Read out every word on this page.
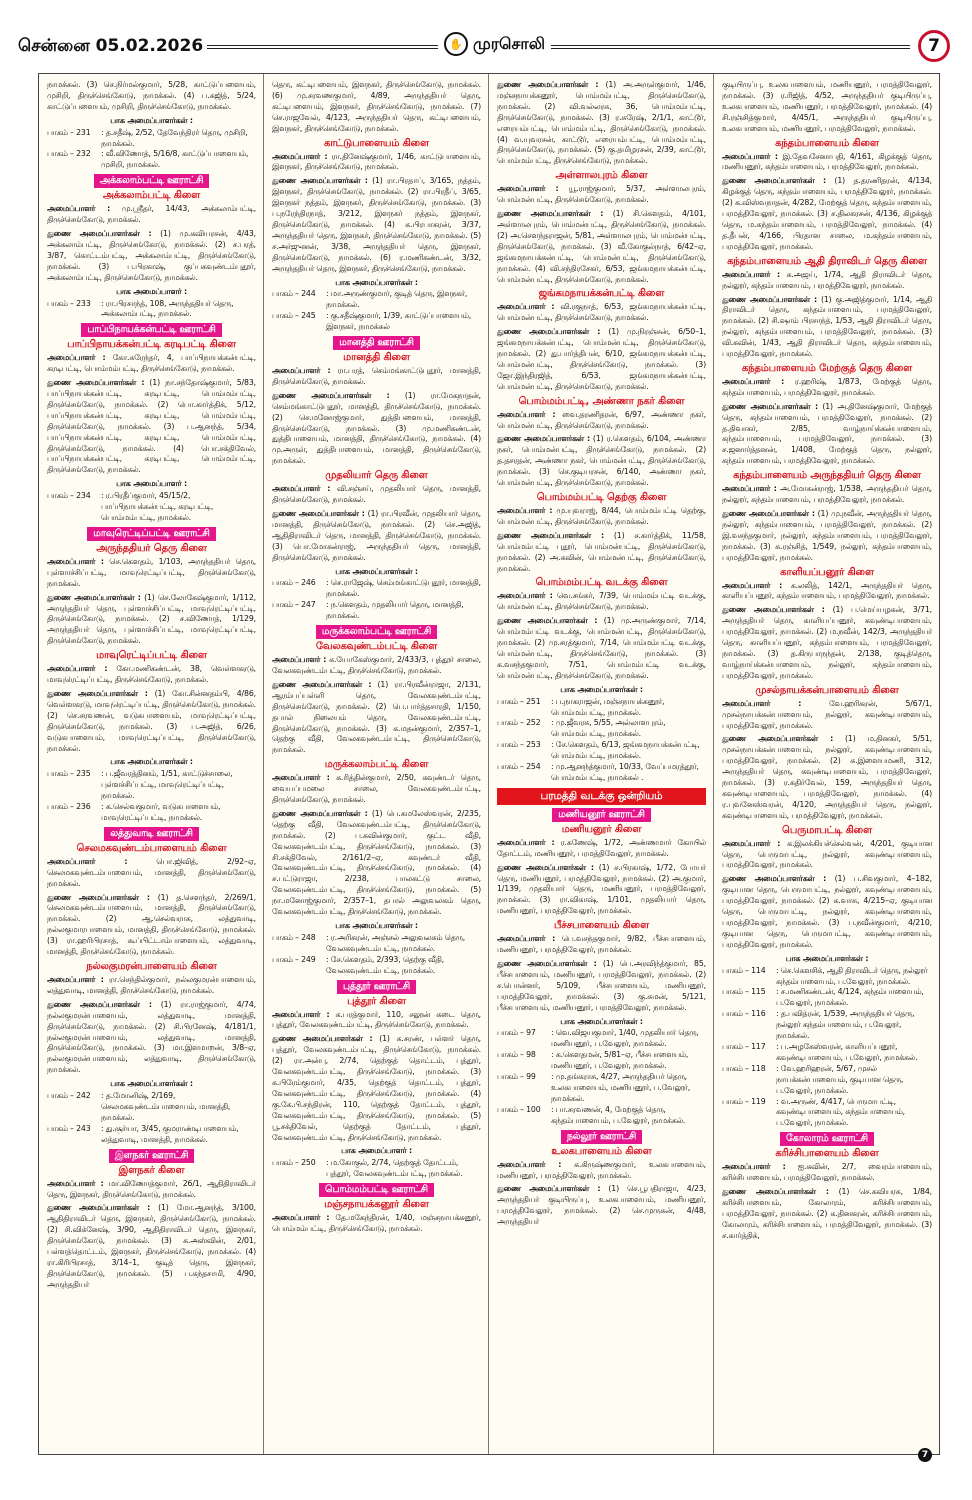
சென்னை 05.02.2026	✋ முரசொலி	7
நாமக்கல். (3) செ.நிர்மல்குமார், 5/28, காட்டுப்பளையம், முசிறி, திருச்செங்கோடு, நாமக்கல். (4) ப.கஜித், 5/24, காட்டுப்பளையம், முசிறி, திருச்செங்கோடு, நாமக்கல்.
பாக அமைப்பாளர்கள் :
பாகம் – 231	: த.சதீஷ், 2/52, தேவேந்திரர் தெரு, முசிறி, நாமக்கல்.
பாகம் – 232	: வீ.விணோத், 5/16/8, காட்டுப்பாளையம், முசிறி, நாமக்கல்.
அக்கலாம்பட்டி ஊராட்சி
அக்கலாம்பட்டி கிளை
அமைப்பாளர் : மு.ஸ்ரீதர், 14/43, அக்கலாம்பட்டி, திருச்செங்கோடு, நாமக்கல்.
துணை அமைப்பாளர்கள் : (1) மு.கவியரசன், 4/43, அக்கலாம்பட்டி, திருச்செங்கோடு, நாமக்கல். (2) ச.பரத், 3/87, கொட்டம்பட்டி, அக்கலாம்பட்டி, திருச்செங்கோடு, நாமக்கல். (3) ப.பிரகாஷ், குப்பகவுண்டம்புதூர், அக்கலாம்பட்டி, திருச்செங்கோடு, நாமக்கல்.
பாக அமைப்பாளர் :
பாகம் – 233	: ரா.பிரசாந்த், 108, அருந்ததியர் தெரு, அக்கலாம்பட்டி, நாமக்கல்.
பாப்பிநாயக்கன்பட்டி ஊராட்சி
பாப்பிநாயக்கன்பட்டி கரடிபட்டி கிளை
அமைப்பாளர் : கோ.சுரேந்தர், 4, பாப்பிநாயக்கன்பட்டி, கரடிபட்டி, பொம்மம்பட்டி, திருச்செங்கோடு, நாமக்கல்.
துணை அமைப்பாளர்கள் : (1) நா.சந்தோஷ்குமார், 5/83, பாப்பிநாயக்கன்பட்டி, கரடிபட்டி, பொம்மம்பட்டி, திருச்செங்கோடு, நாமக்கல். (2) பொ.கார்த்திக், 5/12, பாப்பிநாயக்கன்பட்டி, கரடிபட்டி, பொம்மம்பட்டி, திருச்செங்கோடு, நாமக்கல். (3) ப.ஆனந்த், 5/34, பாப்பிநாயக்கன்பட்டி, கரடிபட்டி, பொம்மம்பட்டி, திருச்செங்கோடு, நாமக்கல். (4) பொ.சக்திவேல், பாப்பிநாயக்கன்பட்டி, கரடிபட்டி, பொம்மம்பட்டி, திருச்செங்கோடு, நாமக்கல்.
பாக அமைப்பாளர் :
பாகம் – 234	: ர.பிரதீப்குமார், 45/15/2, பாப்பிநாயக்கன்பட்டி, கரடிபட்டி, பொம்மம்பட்டி, நாமக்கல்.
மாவுரெட்டிப்பட்டி ஊராட்சி
அருந்ததியர் தெரு கிளை
அமைப்பாளர் : செ.கௌதம், 1/103, அருந்ததியர் தெரு, புள்ளாச்சிப்பட்டி, மாவுரெட்டிப்பட்டி, திருச்செங்கோடு, நாமக்கல்.
துணை அமைப்பாளர்கள் : (1) செ.லோகேஷ்குமார், 1/112, அருந்ததியர் தெரு, புள்ளாச்சிப்பட்டி, மாவுரெட்டிப்பட்டி, திருச்செங்கோடு, நாமக்கல். (2) ச.விணோத், 1/129, அருந்ததியர் தெரு, புள்ளாச்சிப்பட்டி, மாவுரெட்டிப்பட்டி, திருச்செங்கோடு, நாமக்கல்.
மாவுரெட்டிப்பட்டி கிளை
அமைப்பாளர் : கோ.மணிகண்டன், 38, வெள்ளகரடு, மாவுரெட்டிப்பட்டி, திருச்செங்கோடு, நாமக்கல்.
துணை அமைப்பாளர்கள் : (1) கோ.சின்னதம்பி, 4/86, வெள்ளகரடு, மாவுரெட்டிப்பட்டி, திருச்செங்கோடு, நாமக்கல். (2) செ.சரவணன், வடுகபாளையம், மாவுரெட்டிப்பட்டி, திருச்செங்கோடு, நாமக்கல். (3) ப.அஜித், 6/26, வடுகபாளையம், மாவுரெட்டிப்பட்டி, திருச்செங்கோடு, நாமக்கல்.
பாக அமைப்பாளர்கள் :
பாகம் – 235	: ப.ஜீவரத்தினம், 1/51, காட்டுச்சாலை, புள்ளச்சிப்பட்டி, மாவுரெட்டிப்பட்டி, நாமக்கல்.
பாகம் – 236	: க.செல்வகுமார், வடுகபாளையம், மாவுரெட்டிப்பட்டி, நாமக்கல்.
லத்துவாடி ஊராட்சி
செலமகவுண்டம்பாளையம் கிளை
அமைப்பாளர் :	பொ.ஜிவித், 2/92–ஏ, செலமகவுண்டம்பாளையம், மானத்தி, திருச்செங்கோடு, நாமக்கல்.
துணை அமைப்பாளர்கள் : (1) த.சௌந்தர், 2/269/1, செலமகவுண்டம்பாளையம், மானத்தி, திருச்செங்கோடு, நாமக்கல். (2) ஆ.செல்வராசு, லத்துவாடி, நல்லகுமாரபாளையம், மானத்தி, திருச்செங்கோடு, நாமக்கல். (3) ரா.ஹரிபிரசாத், கூப்பிட்டாம்பாளையம், லத்துவாடி, மானத்தி, திருச்செங்கோடு, நாமக்கல்.
நல்லகுமரன்பாளையம் கிளை
அமைப்பாளர் : ரா.செந்தில்குமார், நல்லகுமரன்பாளையம், லத்துவாடி, மானத்தி, திருச்செங்கோடு, நாமக்கல்.
துணை அமைப்பாளர்கள் : (1) ரா.ராஜ்குமார், 4/74, நல்லகுமரன்பாளையம், லத்துவாடி, மானத்தி, திருச்செங்கோடு, நாமக்கல். (2) சி.பிரனேஷ், 4/181/1, நல்லகுமரன்பாளையம், லத்துவாடி, மானத்தி, திருச்செங்கோடு, நாமக்கல். (3) மா.இளமாறன், 3/8–ஏ, நல்லகுமரன்பாளையம், லத்துவாடி, திருச்செங்கோடு, நாமக்கல்.
பாக அமைப்பாளர்கள் :
பாகம் – 242	: த.மோனிஷ், 2/169, செலமகவுண்டம்பாளையம், மானத்தி, நாமக்கல்.
பாகம் – 243	: து.சூர்யா, 3/45, குமராண்டிபாளையம், லத்துவாடி, மானத்தி, நாமக்கல்.
இளநகர் ஊராட்சி
இளநகர் கிளை
அமைப்பாளர் : மா.விணோத்குமார், 26/1, ஆதிதிராவிடர் தெரு, இளநகர், திருச்செங்கோடு, நாமக்கல்.
துணை அமைப்பாளர்கள் : (1) மோ.ஆனந்த், 3/100, ஆதிதிராவிடர் தெரு, இளநகர், திருச்செங்கோடு, நாமக்கல். (2) சி.விக்னேஷ், 3/90, ஆதிதிராவிடர் தெரு, இளநகர், திருச்செங்கோடு, நாமக்கல். (3) க.அஸ்வின், 2/01, பள்ளத்தொட்டம், இளநகர், திருச்செங்கோடு, நாமக்கல். (4) ரா.கிரிபிரசாத், 3/14–1, குடித் தெரு, இளநகர், திருச்செங்கோடு, நாமக்கல். (5) ப.கந்தசாமி, 4/90, அருந்ததியர்
தெரு, கட்டிபளையம், இளநகர், திருச்செங்கோடு, நாமக்கல். (6) மு.சரவணகுமார், 4/89, அருந்ததியர் தெரு, கட்டிபளையம், இளநகர், திருச்செங்கோடு, நாமக்கல். (7) செ.ராஜவேல், 4/123, அருந்ததியர் தெரு, கட்டிபளையம், இளநகர், திருச்செங்கோடு, நாமக்கல்.
காட்டுபாளையம் கிளை
அமைப்பாளர் : ரா.தினேஷ்குமார், 1/46, காட்டுபாளையம், இளநகர், திருச்செங்கோடு, நாமக்கல்.
துணை அமைப்பாளர்கள் : (1) ரா.பிரதாப், 3/165, நத்தம், இளநகர், திருச்செங்கோடு, நாமக்கல். (2) ரா.பிரதீப், 3/65, இளநகர் நத்தம், இளநகர், திருச்செங்கோடு, நாமக்கல். (3) ப.நரேந்திரநாத், 3/212, இளநகர் நத்தம், இளநகர், திருச்செங்கோடு, நாமக்கல். (4) க.பிரபாகரன், 3/37, அருந்ததியர் தெரு, இளநகர், திருச்செங்கோடு, நாமக்கல். (5) ச.அர்ஜுனன், 3/38, அருந்ததியர் தெரு, இளநகர், திருச்செங்கோடு, நாமக்கல். (6) ர.மணிகண்டன், 3/32, அருந்ததியர் தெரு, இளநகர், திருச்செங்கோடு, நாமக்கல்.
பாக அமைப்பாளர்கள் :
பாகம் – 244	: மா.அருண்குமார், குடித் தெரு, இளநகர், நாமக்கல்.
பாகம் – 245	: கு.சதீஷ்குமார், 1/39, காட்டுப்பாளையம், இளநகர், நாமக்கல்
மானத்தி ஊராட்சி
மானத்தி கிளை
அமைப்பாளர் : ரா.பரத், செம்மங்காட்டுபுதூர், மானத்தி, திருச்செங்கோடு, நாமக்கல்.
துணை அமைப்பாளர்கள் : (1) ரா.மேகநாதன், செம்மங்காட்டுபுதூர், மானத்தி, திருச்செங்கோடு, நாமக்கல். (2) செ.மனோஜ்குமார், துத்திபளையம், மானத்தி, திருச்செங்கோடு, நாமக்கல். (3) மு.மணிகண்டன், துத்திபாளையம், மானத்தி, திருச்செங்கோடு, நாமக்கல். (4) மு.அருள், துத்திபாளையம், மானத்தி, திருச்செங்கோடு, நாமக்கல்.
முதலியார் தெரு கிளை
அமைப்பாளர் : வி.சஞ்சய், முதலியார் தெரு, மானத்தி, திருச்செங்கோடு, நாமக்கல்.
துணை அமைப்பாளர்கள் : (1) ரா.பிரவீன், முதலியார் தெரு, மானத்தி, திருச்செங்கோடு, நாமக்கல். (2) செ.அஜித், ஆதிதிராவிடர் தெரு, மானத்தி, திருச்செங்கோடு, நாமக்கல். (3) பொ.மோகன்ராஜ், அருந்ததியர் தெரு, மானத்தி, திருச்செங்கோடு, நாமக்கல்.
பாக அமைப்பாளர்கள் :
பாகம் – 246	: செ.ராஜேஷ், செம்மங்காட்டுபுதூர், மானத்தி, நாமக்கல்.
பாகம் – 247	: ந.கௌதம், முதலியார் தெரு, மானத்தி, நாமக்கல்.
மருக்கலாம்பட்டி ஊராட்சி
வேலகவுண்டம்பட்டி கிளை
அமைப்பாளர் : க.யோகேஸ்குமார், 2/433/3, புத்தூர் சாலை, வேலகவுண்டம்பட்டி, திருச்செங்கோடு, நாமக்கல்.
துணை அமைப்பாளர்கள் : (1) ரா.பிரவீன்ராஜா, 2/131, ஆரம்பப்பள்ளி தெரு, வேலகவுண்டம்பட்டி, திருச்செங்கோடு, நாமக்கல். (2) பெ.பார்த்தசாரதி, 1/150, தபால் நிலையம் தெரு, வேலகவுண்டம்பட்டி, திருச்செங்கோடு, நாமக்கல். (3) க.மதன்குமார், 2/357–1, தெற்கு வீதி, வேலகவுண்டம்பட்டி, திருச்செங்கோடு, நாமக்கல்.
மருக்கலாம்பட்டி கிளை
அமைப்பாளர் : க.ரித்தின்குமார், 2/50, கவுண்டர் தெரு, வையப்பமலை சாலை, வேலகவுண்டம்பட்டி, திருச்செங்கோடு, நாமக்கல்.
துணை அமைப்பாளர்கள் : (1) பெ.கமலேஸ்வரன், 2/235, தெற்கு வீதி, வேலகவுண்டம்பட்டி, திருச்செங்கோடு, நாமக்கல். (2) ப.கவின்குமார், குட்ட வீதி, வேலகவுண்டம்பட்டி, திருச்செங்கோடு, நாமக்கல். (3) சி.சக்திவேல், 2/161/2–ஏ, கவுண்டர் வீதி, வேலகவுண்டம்பட்டி, திருச்செங்கோடு, நாமக்கல். (4) ச.பட்டுராஜா, 2/238, பாலகட்டு சாலை, வேலகவுண்டம்பட்டி, திருச்செங்கோடு, நாமக்கல். (5) நா.மனோஜ்குமார், 2/357–1, தபால் அலுவலகம் தெரு, வேலகவுண்டம்பட்டி, திருச்செங்கோடு, நாமக்கல்.
பாக அமைப்பாளர்கள் :
பாகம் – 248	: ர.அரிகரன், அஞ்சல் அலுவலகம் தெரு, வேலகவுண்டம்பட்டி, நாமக்கல்.
பாகம் – 249	: சே.கௌதம், 2/393, தெற்கு வீதி, வேலகவுண்டம்பட்டி, நாமக்கல்.
புத்தூர் ஊராட்சி
புத்தூர் கிளை
அமைப்பாளர் : க.பரத்குமார், 110, சலூன் கடை தெரு, புத்தூர், வேலகவுண்டம்பட்டி, திருச்செங்கோடு, நாமக்கல்.
துணை அமைப்பாளர்கள் : (1) க.சரண், பள்ளர் தெரு, புத்தூர், வேலகவுண்டம்பட்டி, திருச்செங்கோடு, நாமக்கல். (2) ரா.அன்பு, 2/74, தெற்குத் தொட்டம், புத்தூர், வேலகவுண்டம்பட்டி, திருச்செங்கோடு, நாமக்கல். (3) க.பிரேம்குமார், 4/35, தெற்குத் தொட்டம், புத்தூர், வேலகவுண்டம்பட்டி, திருச்செங்கோடு, நாமக்கல். (4) கு.கே.பி.சந்திரன், 110, தெற்குத் தோட்டம், புத்தூர், வேலகவுண்டம்பட்டி, திருச்செங்கோடு, நாமக்கல். (5) பூ.சக்திவேல், தெற்குத் தோட்டம், புத்தூர், வேலகவுண்டம்பட்டி, திருச்செங்கோடு, நாமக்கல்.
பாக அமைப்பாளர் :
பாகம் – 250	: ம.கோகுல், 2/74, தெற்குத் தோட்டம், புத்தூர், வேலகவுண்டம்பட்டி, நாமக்கல்.
பொம்மம்பட்டி ஊராட்சி
மஞ்சநாயக்கனூர் கிளை
அமைப்பாளர் : தே.மகேந்திரன், 1/40, மஞ்சநாயக்கனூர், பொம்மம்பட்டி, திருச்செங்கோடு, நாமக்கல்.
துணை அமைப்பாளர்கள் : (1) அ.அருள்குமார், 1/46, மஞ்சநாயக்கனூர், பொம்மம்பட்டி, திருச்செங்கோடு, நாமக்கல். (2) வி.வல்லரசு, 36, பொம்மம்பட்டி, திருச்செங்கோடு, நாமக்கல். (3) ர.சுரேஷ், 2/1/1, காட்டூர், எரையம்பட்டி, பொம்மம்பட்டி, திருச்செங்கோடு, நாமக்கல். (4) வ.யுவரசன், காட்டூர், எரையம்பட்டி, பொம்மம்பட்டி, திருச்செங்கோடு, நாமக்கல். (5) கு.தமிழரசன், 2/39, காட்டூர், பொம்மம்பட்டி, திருச்செங்கோடு, நாமக்கல்.
அள்ளாலபுரம் கிளை
அமைப்பாளர் : யூ.ராஜ்குமார், 5/37, அள்ளாலபுரம், பொம்மன்பட்டி, திருச்செங்கோடு, நாமக்கல்.
துணை அமைப்பாளர்கள் : (1) சி.கௌதம், 4/101, அள்ளாலபுரம், பொம்மன்பட்டி, திருச்செங்கோடு, நாமக்கல். (2) அ.சௌந்தராஜன், 5/81, அள்ளாலபுரம், பொம்மன்பட்டி, திருச்செங்கோடு, நாமக்கல். (3) வீ.கோகுல்நாத், 6/42–ஏ, ஜங்கமநாயக்கன்பட்டி, பொம்மன்பட்டி, திருச்செங்கோடு, நாமக்கல். (4) வி.சந்திரசேகர், 6/53, ஜங்கமநாயக்கன்பட்டி, பொம்மன்பட்டி, திருச்செங்கோடு, நாமக்கல்.
ஜங்கமநாயக்கன்பட்டி கிளை
அமைப்பாளர் : வி.ரகுநாத், 6/53, ஜங்கமநாயக்கன்பட்டி, பொம்மன்பட்டி, திருச்செங்கோடு, நாமக்கல்.
துணை அமைப்பாளர்கள் : (1) மு.நிரஞ்சன், 6/50–1, ஜங்கமநாயக்கன்பட்டி, பொம்மன்பட்டி, திருச்செங்கோடு, நாமக்கல். (2) து.பார்த்திபன், 6/10, ஜங்கமநாயக்கன்பட்டி, பொம்மன்பட்டி, திருச்செங்கோடு, நாமக்கல். (3) ஜோ.இந்திரஜித், 6/53, ஜங்கமநாயக்கன்பட்டி, பொம்மன்பட்டி, திருச்செங்கோடு, நாமக்கல்.
பொம்மம்பட்டி, அண்ணா நகர் கிளை
அமைப்பாளர் : வை.தரணிதரன், 6/97, அண்ணா நகர், பொம்மன்பட்டி, திருச்செங்கோடு, நாமக்கல்.
துணை அமைப்பாளர்கள் : (1) ர.கௌதம், 6/104, அண்ணா நகர், பொம்மன்பட்டி, திருச்செங்கோடு, நாமக்கல். (2) த.தசரதன், அண்ணா நகர், பொம்மன்பட்டி, திருச்செங்கோடு, நாமக்கல். (3) செ.குடியரசன், 6/140, அண்ணா நகர், பொம்மன்பட்டி, திருச்செங்கோடு, நாமக்கல்.
பொம்மம்பட்டி தெற்கு கிளை
அமைப்பாளர் : மு.யுவராஜ், 8/44, பொம்மம்பட்டி தெற்கு, பொம்மன்பட்டி, திருச்செங்கோடு, நாமக்கல்.
துணை அமைப்பாளர்கள் : (1) ச.கார்த்திக், 11/58, பொம்மம்பட்டி புதூர், பொம்மன்பட்டி, திருச்செங்கோடு, நாமக்கல். (2) அ.கவின், பொம்மன்பட்டி, திருச்செங்கோடு, நாமக்கல்.
பொம்மம்பட்டி வடக்கு கிளை
அமைப்பாளர் : வெ.சங்கர், 7/39, பொம்மம்பட்டி வடக்கு, பொம்மன்பட்டி, திருச்செங்கோடு, நாமக்கல்.
துணை அமைப்பாளர்கள் : (1) மு.அருண்குமார், 7/14, பொம்மம்பட்டி வடக்கு, பொம்மன்பட்டி, திருச்செங்கோடு, நாமக்கல். (2) மு.சரத்குமார், 7/14, பொம்மம்பட்டி வடக்கு, பொம்மன்பட்டி, திருச்செங்கோடு, நாமக்கல். (3) க.வசந்தகுமார், 7/51, பொம்மம்பட்டி வடக்கு, பொம்மன்பட்டி, திருச்செங்கோடு, நாமக்கல்.
பாக அமைப்பாளர்கள் :
பாகம் – 251	: ப.நாகராஜன், மஞ்சநாயக்கனூர், பொம்மம்பட்டி, நாமக்கல்.
பாகம் – 252	: மு.ஜீவரசு, 5/55, அல்லாளபுரம், பொம்மம்பட்டி, நாமக்கல்.
பாகம் – 253	: சே.கௌதம், 6/13, ஜங்கமநாயக்கன்பட்டி, பொம்மம்பட்டி, நாமக்கல்.
பாகம் – 254	: மு.ஆனந்த்குமார், 10/33, வேப்பமரத்தூர், பொம்மம்பட்டி, நாமக்கல் .
பரமத்தி வடக்கு ஒன்றியம்
மணியனூர் ஊராட்சி
மணியனூர் கிளை
அமைப்பாளர் : ர.கணேஷ், 1/72, அண்ணமார் கோயில் தோட்டம், மணியனூர், பரமத்திவேலூர், நாமக்கல்.
துணை அமைப்பாளர்கள் : (1) ச.பிரகாஷ், 1/72, போயர் தெரு, மணியனூர், பரமத்திவேலூர், நாமக்கல். (2) அ.குமார், 1/139, முதலியார் தெரு, மணியனூர், பரமத்திவேலூர், நாமக்கல். (3) ரா.விகாஷ், 1/101, முதலியார் தெரு, மணியனூர், பரமத்திவேலூர், நாமக்கல்.
பீச்சபாளையம் கிளை
அமைப்பாளர் : பெ.வசந்தகுமார், 9/82, பீச்சபாளையம், மணியனூர், பரமத்திவேலூர், நாமக்கல்.
துணை அமைப்பாளர்கள் : (1) பெ.அரவிந்த்குமார், 85, பீச்சபாளையம், மணியனூர், பரமத்திவேலூர், நாமக்கல். (2) ச.பொன்னர், 5/109, பீச்சபாளையம், மணியனூர், பரமத்திவேலூர், நாமக்கல். (3) கு.சுமன், 5/121, பீச்சபாளையம், மணியனூர், பரமத்திவேலூர், நாமக்கல்.
பாக அமைப்பாளர்கள் :
பாகம் – 97	: வெ.விஜயகுமார், 1/40, முதலியார் தெரு, மணியனூர், ப.வேலூர், நாமக்கல்.
பாகம் – 98	: க.கௌதமன், 5/81–ஏ, பீச்சபாளையம், மணியனூர், ப.வேலூர், நாமக்கல்.
பாகம் – 99	: மு.தங்கராசு, 4/27, அருந்ததியர் தெரு, உலகபாளையம், மணியனூர், ப.வேலூர், நாமக்கல்.
பாகம் – 100	: பா.சரவணன், 4, மேற்குத் தெரு, கந்தம்பாளையம், ப.வேலூர், நாமக்கல்.
நல்லூர் ஊராட்சி
உலகபாளையம் கிளை
அமைப்பாளர் : க.கிருஷ்ணகுமார், உலகபாளையம், மணியனூர், பரமத்திவேலூர், நாமக்கல்.
துணை அமைப்பாளர்கள் : (1) செ.பூபதிராஜா, 4/23, அருந்ததியர் குடியிருப்பு, உலகபாளையம், மணியனூர், பரமத்திவேலூர், நாமக்கல். (2) செ.முருகன், 4/48, அருந்ததியர்
குடியிருப்பு, உலகபாளையம், மணியனூர், பரமத்திவேலூர், நாமக்கல். (3) ர.ரிஜித், 4/52, அருந்ததியர் குடியிருப்பு, உலகபாளையம், மணியனூர், பரமத்திவேலூர், நாமக்கல். (4) சி.ரஞ்சித்குமார், 4/45/1, அருந்ததியர் குடியிருப்பு, உலகபாளையம், மணியனூர், பரமத்திவேலூர், நாமக்கல்.
கந்தம்பாளையம் கிளை
அமைப்பாளர் : இ.தேவசேனாபதி, 4/161, கிழக்குத் தெரு, மணியனூர், கந்தம்பாளையம், பரமத்திவேலூர், நாமக்கல்.
துணை அமைப்பாளர்கள் : (1) த.தரணிதரன், 4/134, கிழக்குத் தெரு, கந்தம்பாளையம், பரமத்திவேலூர், நாமக்கல். (2) க.விஸ்வநாதன், 4/282, மேற்குத் தெரு, கந்தம்பாளையம், பரமத்திவேலூர், நாமக்கல். (3) ச.திலகரசன், 4/136, கிழக்குத் தெரு, ம.கந்தம்பாளையம், பரமத்திவேலூர், நாமக்கல். (4) த.தீபன், 4/166, பிரதான சாலை, ம.கந்தம்பாளையம், பரமத்திவேலூர், நாமக்கல்.
கந்தம்பாளையம் ஆதி திராவிடர் தெரு கிளை
அமைப்பாளர் : க.அஜய், 1/74, ஆதி திராவிடர் தெரு, நல்லூர், கந்தம்பாளையம், பரமத்திவேலூர், நாமக்கல்.
துணை அமைப்பாளர்கள் : (1) கு.அஜித்குமார், 1/14, ஆதி திராவிடர் தெரு, கந்தம்பாளையம், பரமத்திவேலூர், நாமக்கல். (2) சி.ஷாம் பிரசாந்த், 1/53, ஆதி திராவிடர் தெரு, நல்லூர், கந்தம்பாளையம், பரமத்திவேலூர், நாமக்கல். (3) வி.கவின், 1/43, ஆதி திராவிடர் தெரு, கந்தம்பாளையம், பரமத்திவேலூர், நாமக்கல்.
கந்தம்பாளையம் மேற்குத் தெரு கிளை
அமைப்பாளர் : ர.ஹரிஷ், 1/873, மேற்குத் தெரு, கந்தம்பாளையம், பரமத்திவேலூர், நாமக்கல்.
துணை அமைப்பாளர்கள் : (1) அ.தினேஷ்குமார், மேற்குத் தெரு, கந்தம்பாளையம், பரமத்திவேலூர், நாமக்கல். (2) த.திவாகர், 2/85, வாழ்நாய்க்கன்பாளையம், கந்தம்பாளையம், பரமத்திவேலூர், நாமக்கல். (3) ச.ஜனார்த்தனன், 1/408, மேற்குத் தெரு, நல்லூர், கந்தம்பாளையம், பரமத்திவேலூர், நாமக்கல்.
கந்தம்பாளையம் அருந்ததியர் தெரு கிளை
அமைப்பாளர் : அ.மோகன்ராஜ், 1/538, அருந்ததியர் தெரு, நல்லூர், கந்தம்பாளையம், பரமத்திவேலூர், நாமக்கல்.
துணை அமைப்பாளர்கள் : (1) மு.நவீன், அருந்ததியர் தெரு, நல்லூர், கந்தம்பாளையம், பரமத்திவேலூர், நாமக்கல். (2) இ.வசந்தகுமார், நல்லூர், கந்தம்பாளையம், பரமத்திவேலூர், நாமக்கல். (3) சு.ரஞ்சித், 1/549, நல்லூர், கந்தம்பாளையம், பரமத்திவேலூர், நாமக்கல்.
காளியப்பனூர் கிளை
அமைப்பாளர் : க.லலித், 142/1, அருந்ததியர் தெரு, காளியப்பனூர், கந்தம்பாளையம், பரமத்திவேலூர், நாமக்கல்.
துணை அமைப்பாளர்கள் : (1) ப.மெய்யழகன், 3/71, அருந்ததியர் தெரு, காளியப்பனூர், கவுண்டிபாளையம், பரமத்திவேலூர், நாமக்கல். (2) ம.நவீன், 142/3, அருந்ததியர் தெரு, காளியப்பனூர், கந்தம்பாளையம், பரமத்திவேலூர், நாமக்கல். (3) த.கிருபாநந்தன், 2/138, குடித்தெரு, வாழ்நாய்க்கன்பாளையம், நல்லூர், கந்தம்பாளையம், பரமத்திவேலூர், நாமக்கல்.
முசல்நாயக்கன்பாளையம் கிளை
அமைப்பாளர் :	வே.ஹரிகரன், 5/67/1, முசல்நாயக்கன்பாளையம், நல்லூர், கவுண்டிபாளையம், பரமத்திவேலூர், நாமக்கல்.
துணை அமைப்பாளர்கள் : (1) ம.தினகர், 5/51, முசல்நாயக்கன்பாளையம், நல்லூர், கவுண்டிபாளையம், பரமத்திவேலூர், நாமக்கல். (2) க.இளையமணி, 312, அருந்ததியர் தெரு, கவுண்டிபாளையம், பரமத்திவேலூர், நாமக்கல். (3) ர.கதிர்வேல், 159, அருந்ததியர் தெரு, கவுண்டிபாளையம், பரமத்திவேலூர், நாமக்கல். (4) ர.புவனேஸ்வரன், 4/120, அருந்ததியர் தெரு, நல்லூர், கவுண்டிபாளையம், பரமத்திவேலூர், நாமக்கல்.
பெருமாபட்டி கிளை
அமைப்பாளர் : க.இலக்கியச்செல்வன், 4/201, குடியான தெரு, பெருமாபட்டி, நல்லூர், கவுண்டிபாளையம், பரமத்திவேலூர், நாமக்கல்.
துணை அமைப்பாளர்கள் : (1) ப.சிவகுமார், 4–182, குடியான தெரு, பெருமாபட்டி, நல்லூர், கவுண்டிபாளையம், பரமத்திவேலூர், நாமக்கல். (2) க.வாசு, 4/215–ஏ, குடியான தெரு, பெருமாபட்டி, நல்லூர், கவுண்டிபாளையம், பரமத்திவேலூர், நாமக்கல். (3) ப.நவீன்குமார், 4/210, குடியான தெரு, பெருமாபட்டி, கவுண்டிபாளையம், பரமத்திவேலூர், நாமக்கல்.
பாக அமைப்பாளர்கள் :
பாகம் – 114	: செ.கௌசிக், ஆதி திராவிடர் தெரு, நல்லூர் கந்தம்பாளையம், ப.வேலூர், நாமக்கல்.
பாகம் – 115	: ச.மணிகண்டன், 4/124, கந்தம்பாளையம், ப.வேலூர், நாமக்கல்.
பாகம் – 116	: த.பவித்ரன், 1/539, அருந்ததியர் தெரு, நல்லூர் கந்தம்பாளையம், ப.வேலூர், நாமக்கல்.
பாகம் – 117	: ப.அழகேஸ்வரன், காளியப்பனூர், கவுண்டிபாளையம், ப.வேலூர், நாமக்கல்.
பாகம் – 118	: வே.ஹரிஹரன், 5/67, முசல் நாயக்கன்பாளையம், குடியான தெரு, ப.வேலூர், நாமக்கல்.
பாகம் – 119	: வ.அருண், 4/417, பெருமாபட்டி, கவுண்டிபாளையம், கந்தம்பாளையம், ப.வேலூர், நாமக்கல்.
கோலாரம் ஊராட்சி
கரிச்சிபாளையம் கிளை
அமைப்பாளர் : ஐ.கவின், 2/7, வைரம்பாளையம், கரிச்சிபாளையம், பரமத்திவேலூர், நாமக்கல்.
துணை அமைப்பாளர்கள் : (1) செ.கவியரசு, 1/84, கரிச்சிபாளையம், கோலாரம், கரிச்சிபாளையம், பரமத்திவேலூர், நாமக்கல். (2) க.தினகரன், கரிச்சிபாளையம், கோலாரம், கரிச்சிபாளையம், பரமத்திவேலூர், நாமக்கல். (3) ச.கார்த்திக்,
7
